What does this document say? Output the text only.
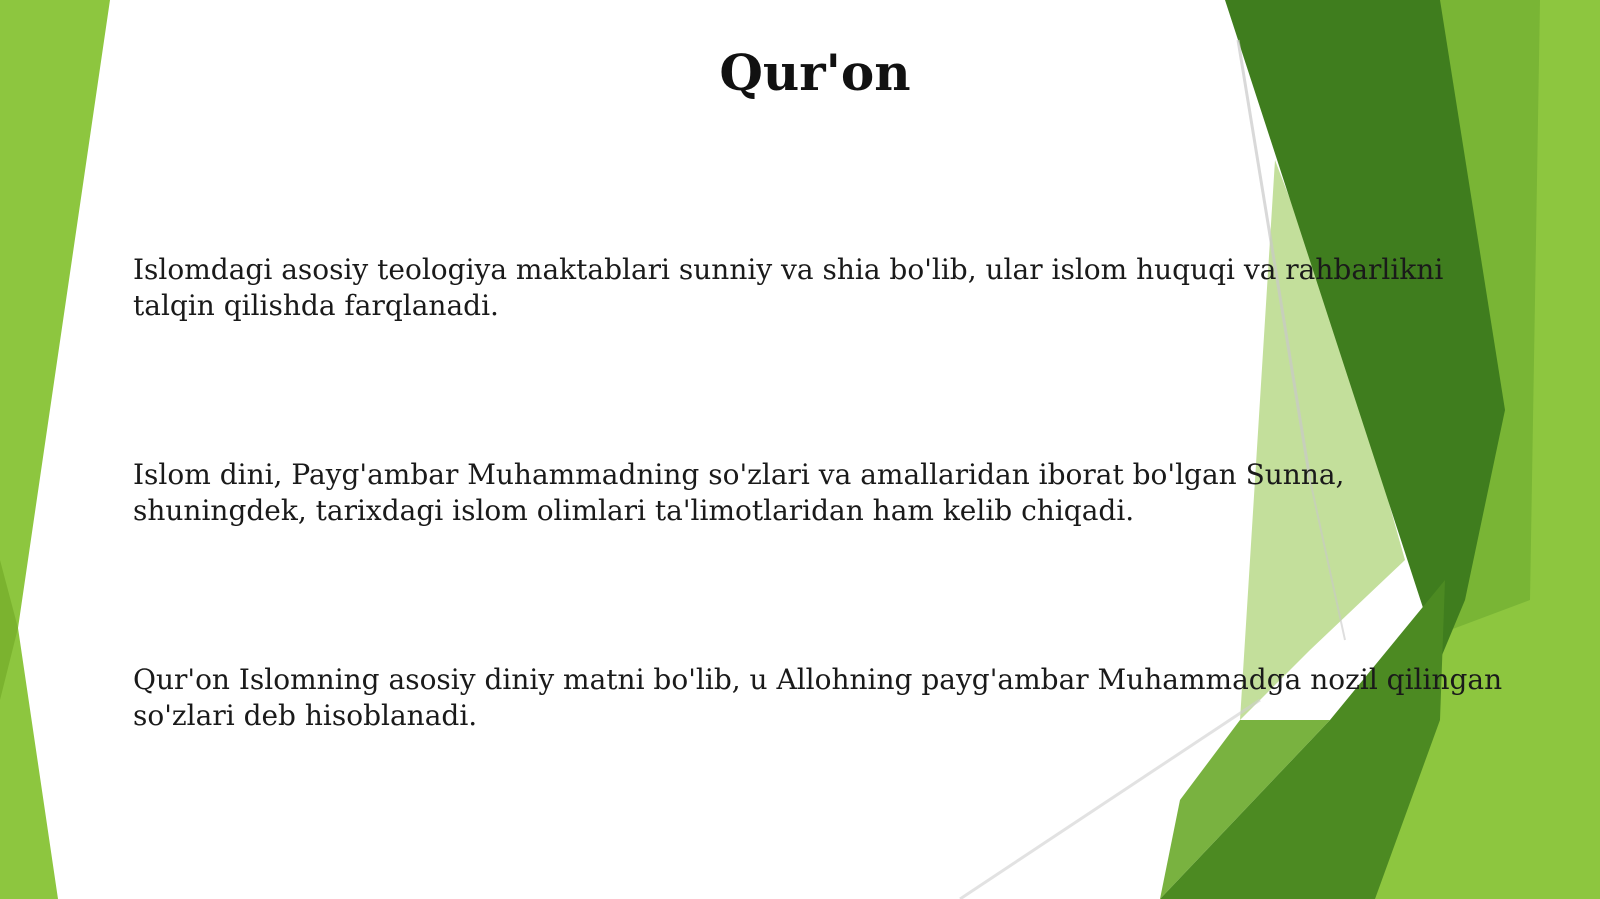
Qur'on

Islomdagi asosiy teologiya maktablari sunniy va shia bo'lib, ular islom huquqi va rahbarlikni
talqin qilishda farqlanadi.

Islom dini, Payg'ambar Muhammadning so'zlari va amallaridan iborat bo'lgan Sunna,
shuningdek, tarixdagi islom olimlari ta'limotlaridan ham kelib chiqadi.

Qur'on Islomning asosiy diniy matni bo'lib, u Allohning payg'ambar Muhammadga nozil qilingan
so'zlari deb hisoblanadi.
